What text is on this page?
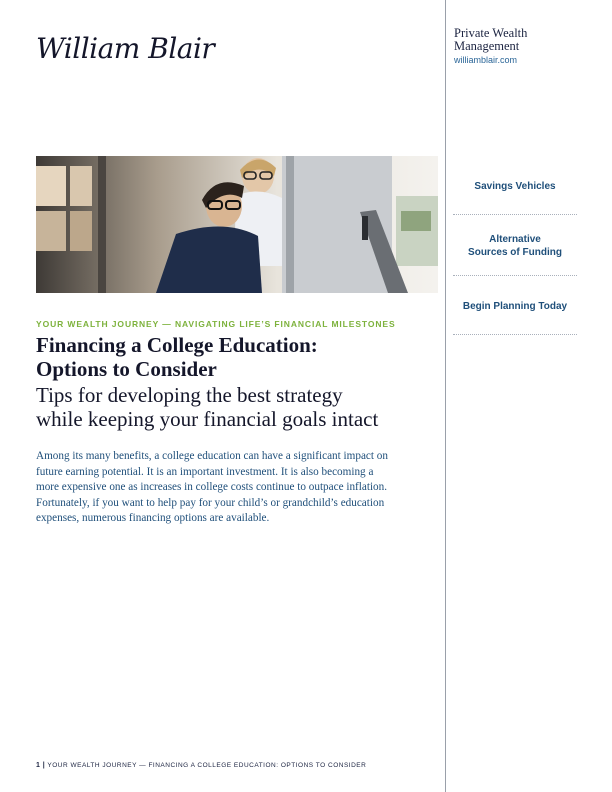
William Blair	Private Wealth
Management
williamblair.com
Savings Vehicles
Alternative
Sources of Funding
Begin Planning Today
YOUR WEALTH JOURNEY — NAVIGATING LIFE’S FINANCIAL MILESTONES
Financing a College Education:
Options to Consider
Tips for developing the best strategy
while keeping your financial goals intact
Among its many benefits, a college education can have a significant impact on
future earning potential. It is an important investment. It is also becoming a
more expensive one as increases in college costs continue to outpace inflation.
Fortunately, if you want to help pay for your child’s or grandchild’s education
expenses, numerous financing options are available.
1 | YOUR WEALTH JOURNEY — FINANCING A COLLEGE EDUCATION: OPTIONS TO CONSIDER
